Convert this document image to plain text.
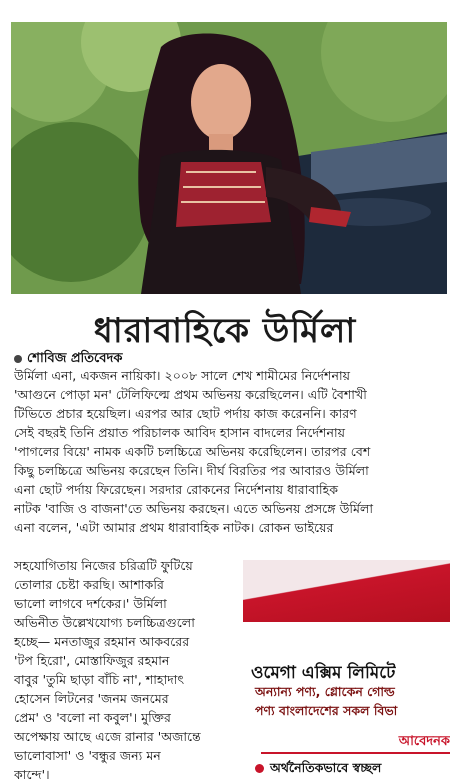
ধারাবাহিকে উর্মিলা
শোবিজ প্রতিবেদক
উর্মিলা এনা, একজন নায়িকা। ২০০৮ সালে শেখ শামীমের নির্দেশনায়
'আগুনে পোড়া মন' টেলিফিল্মে প্রথম অভিনয় করেছিলেন। এটি বৈশাখী
টিভিতে প্রচার হয়েছিল। এরপর আর ছোট পর্দায় কাজ করেননি। কারণ
সেই বছরই তিনি প্রয়াত পরিচালক আবিদ হাসান বাদলের নির্দেশনায়
'পাগলের বিয়ে' নামক একটি চলচ্চিত্রে অভিনয় করেছিলেন। তারপর বেশ
কিছু চলচ্চিত্রে অভিনয় করেছেন তিনি। দীর্ঘ বিরতির পর আবারও উর্মিলা
এনা ছোট পর্দায় ফিরেছেন। সরদার রোকনের নির্দেশনায় ধারাবাহিক
নাটক 'বাজি ও বাজনা'তে অভিনয় করছেন। এতে অভিনয় প্রসঙ্গে উর্মিলা
এনা বলেন, 'এটা আমার প্রথম ধারাবাহিক নাটক। রোকন ভাইয়ের
সহযোগিতায় নিজের চরিত্রটি ফুটিয়ে
তোলার চেষ্টা করছি। আশাকরি
ভালো লাগবে দর্শকের।' উর্মিলা
অভিনীত উল্লেখযোগ্য চলচ্চিত্রগুলো
হচ্ছে— মনতাজুর রহমান আকবরের
'টপ হিরো', মোস্তাফিজুর রহমান
বাবুর 'তুমি ছাড়া বাঁচি না', শাহাদাৎ
হোসেন লিটনের 'জনম জনমের
প্রেম' ও 'বলো না কবুল'। মুক্তির
অপেক্ষায় আছে এজে রানার 'অজান্তে
ভালোবাসা' ও 'বন্ধুর জন্য মন
কান্দে'।
ওমেগা এক্সিম লিমিটে
অন্যান্য পণ্য, গ্লোকেন গোল্ড
পণ্য বাংলাদেশের সকল বিভা
আবেদনক
অর্থনৈতিকভাবে স্বচ্ছল
